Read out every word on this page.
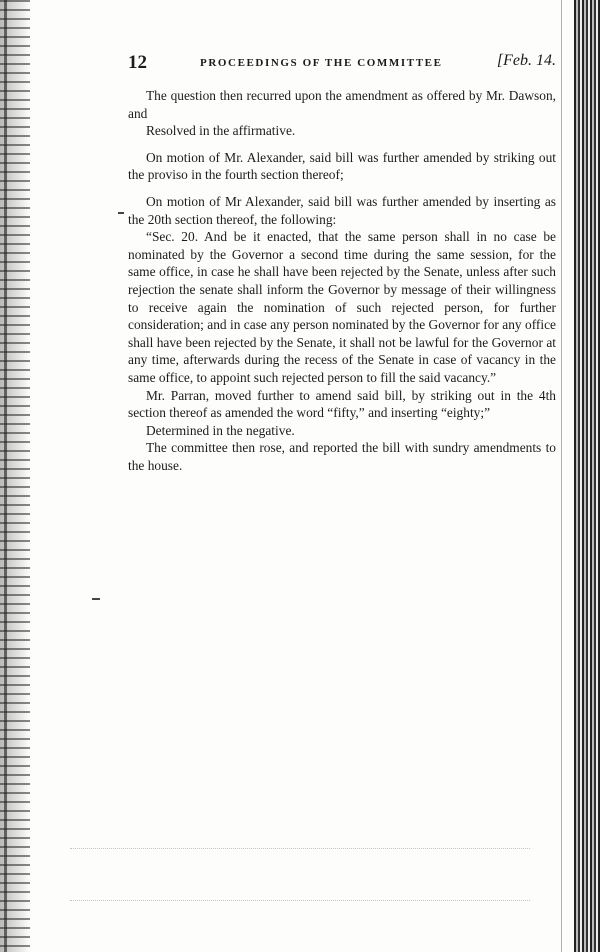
12	PROCEEDINGS OF THE COMMITTEE	[Feb. 14.

The question then recurred upon the amendment as offered by Mr. Dawson, and

Resolved in the affirmative.

On motion of Mr. Alexander, said bill was further amended by striking out the proviso in the fourth section thereof;

On motion of Mr Alexander, said bill was further amended by inserting as the 20th section thereof, the following:

“Sec. 20. And be it enacted, that the same person shall in no case be nominated by the Governor a second time during the same session, for the same office, in case he shall have been rejected by the Senate, unless after such rejection the senate shall inform the Governor by message of their willingness to receive again the nomination of such rejected person, for further consideration; and in case any person nominated by the Governor for any office shall have been rejected by the Senate, it shall not be lawful for the Governor at any time, afterwards during the recess of the Senate in case of vacancy in the same office, to appoint such rejected person to fill the said vacancy.”

Mr. Parran, moved further to amend said bill, by striking out in the 4th section thereof as amended the word “fifty,” and inserting “eighty;”

Determined in the negative.

The committee then rose, and reported the bill with sundry amendments to the house.
